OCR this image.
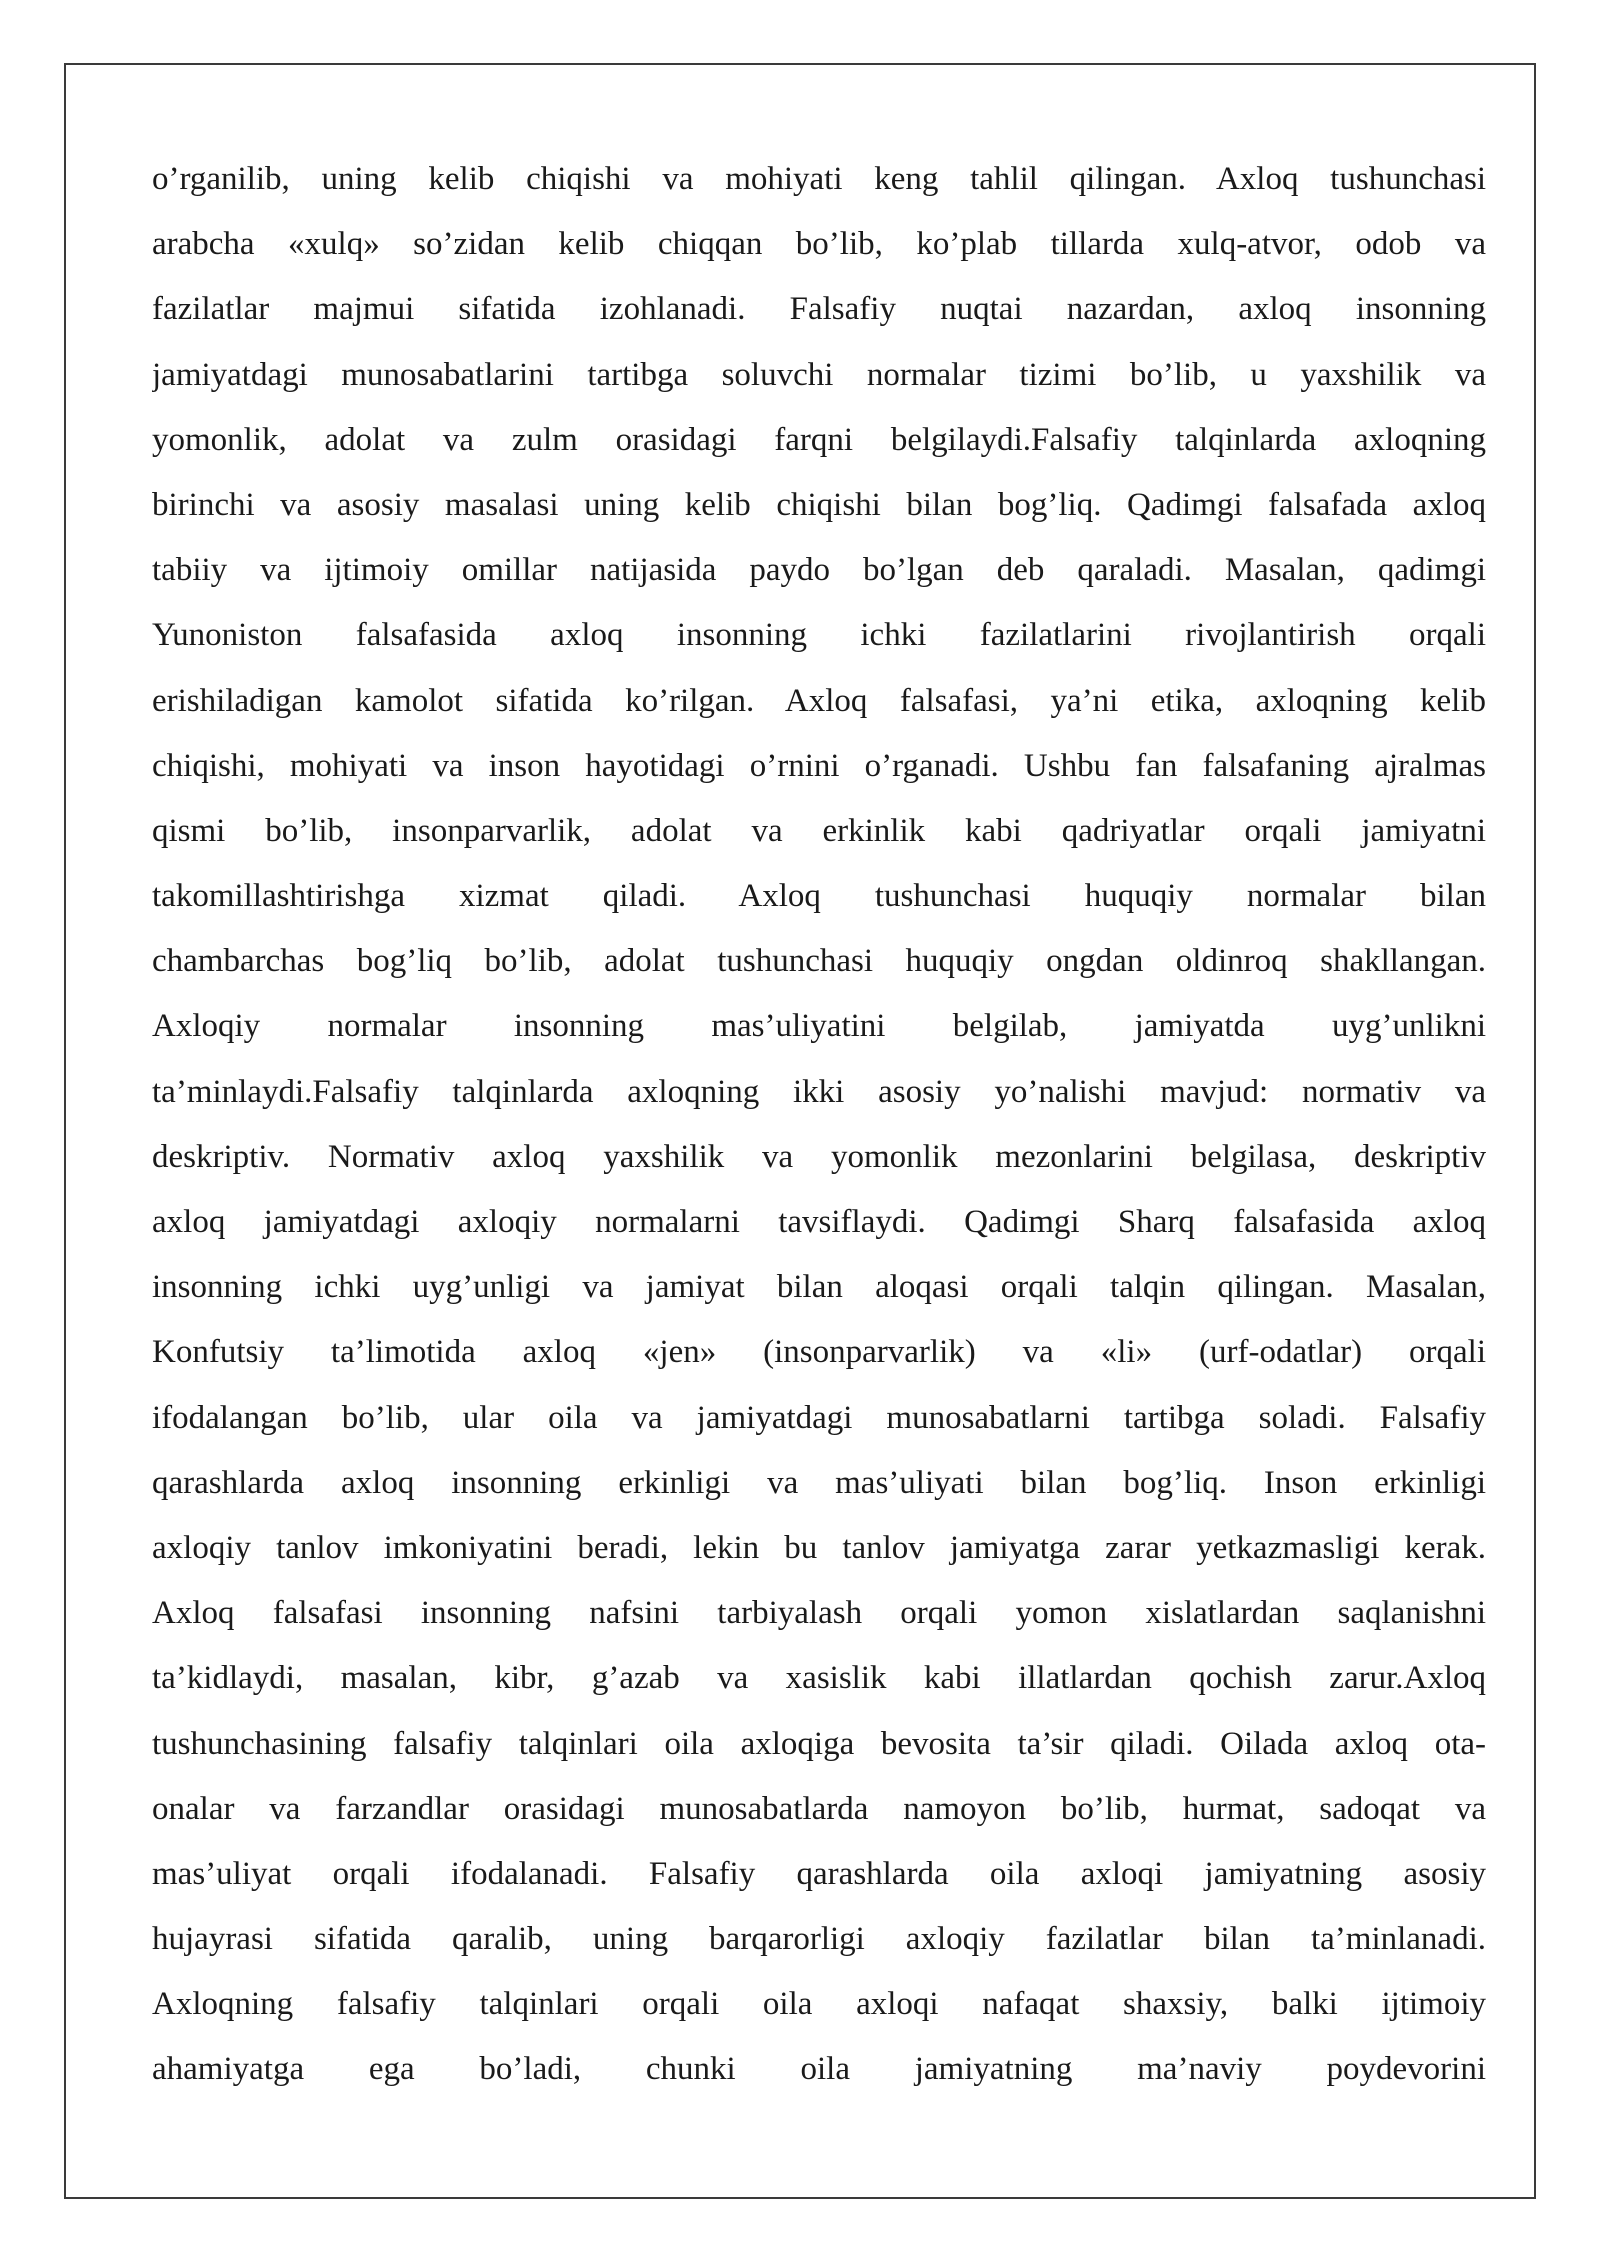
o’rganilib, uning kelib chiqishi va mohiyati keng tahlil qilingan. Axloq tushunchasi
arabcha «xulq» so’zidan kelib chiqqan bo’lib, ko’plab tillarda xulq-atvor, odob va
fazilatlar majmui sifatida izohlanadi. Falsafiy nuqtai nazardan, axloq insonning
jamiyatdagi munosabatlarini tartibga soluvchi normalar tizimi bo’lib, u yaxshilik va
yomonlik, adolat va zulm orasidagi farqni belgilaydi.Falsafiy talqinlarda axloqning
birinchi va asosiy masalasi uning kelib chiqishi bilan bog’liq. Qadimgi falsafada axloq
tabiiy va ijtimoiy omillar natijasida paydo bo’lgan deb qaraladi. Masalan, qadimgi
Yunoniston falsafasida axloq insonning ichki fazilatlarini rivojlantirish orqali
erishiladigan kamolot sifatida ko’rilgan. Axloq falsafasi, ya’ni etika, axloqning kelib
chiqishi, mohiyati va inson hayotidagi o’rnini o’rganadi. Ushbu fan falsafaning ajralmas
qismi bo’lib, insonparvarlik, adolat va erkinlik kabi qadriyatlar orqali jamiyatni
takomillashtirishga xizmat qiladi. Axloq tushunchasi huquqiy normalar bilan
chambarchas bog’liq bo’lib, adolat tushunchasi huquqiy ongdan oldinroq shakllangan.
Axloqiy normalar insonning mas’uliyatini belgilab, jamiyatda uyg’unlikni
ta’minlaydi.Falsafiy talqinlarda axloqning ikki asosiy yo’nalishi mavjud: normativ va
deskriptiv. Normativ axloq yaxshilik va yomonlik mezonlarini belgilasa, deskriptiv
axloq jamiyatdagi axloqiy normalarni tavsiflaydi. Qadimgi Sharq falsafasida axloq
insonning ichki uyg’unligi va jamiyat bilan aloqasi orqali talqin qilingan. Masalan,
Konfutsiy ta’limotida axloq «jen» (insonparvarlik) va «li» (urf-odatlar) orqali
ifodalangan bo’lib, ular oila va jamiyatdagi munosabatlarni tartibga soladi. Falsafiy
qarashlarda axloq insonning erkinligi va mas’uliyati bilan bog’liq. Inson erkinligi
axloqiy tanlov imkoniyatini beradi, lekin bu tanlov jamiyatga zarar yetkazmasligi kerak.
Axloq falsafasi insonning nafsini tarbiyalash orqali yomon xislatlardan saqlanishni
ta’kidlaydi, masalan, kibr, g’azab va xasislik kabi illatlardan qochish zarur.Axloq
tushunchasining falsafiy talqinlari oila axloqiga bevosita ta’sir qiladi. Oilada axloq ota-
onalar va farzandlar orasidagi munosabatlarda namoyon bo’lib, hurmat, sadoqat va
mas’uliyat orqali ifodalanadi. Falsafiy qarashlarda oila axloqi jamiyatning asosiy
hujayrasi sifatida qaralib, uning barqarorligi axloqiy fazilatlar bilan ta’minlanadi.
Axloqning falsafiy talqinlari orqali oila axloqi nafaqat shaxsiy, balki ijtimoiy
ahamiyatga ega bo’ladi, chunki oila jamiyatning ma’naviy poydevorini
